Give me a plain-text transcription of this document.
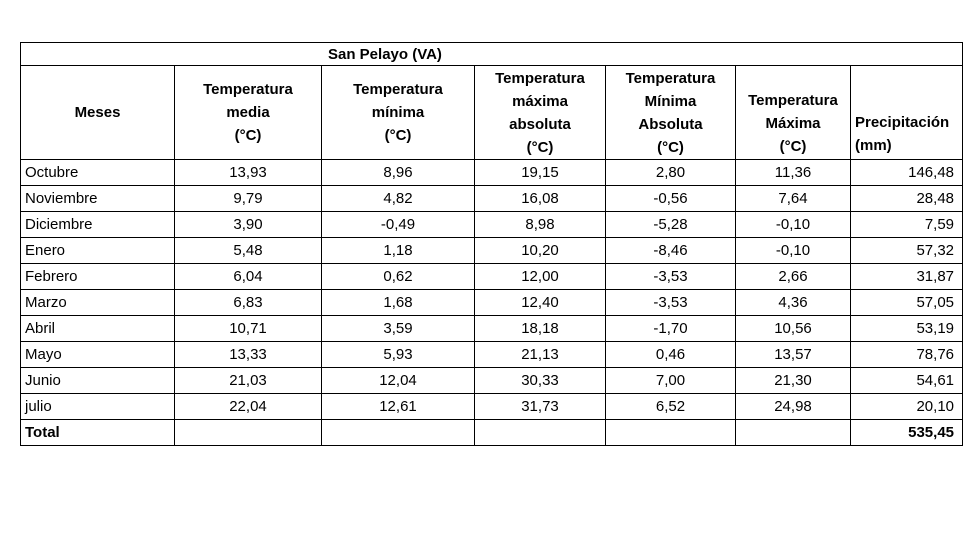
San Pelayo (VA)						

Meses	Temperatura
media
(°C)	Temperatura
mínima
(°C)	Temperatura
máxima
absoluta
(°C)	Temperatura
Mínima
Absoluta
(°C)	Temperatura
Máxima
(°C)	Precipitación
(mm)

Octubre	13,93	8,96	19,15	2,80	11,36	146,48
Noviembre	9,79	4,82	16,08	-0,56	7,64	28,48
Diciembre	3,90	-0,49	8,98	-5,28	-0,10	7,59
Enero	5,48	1,18	10,20	-8,46	-0,10	57,32
Febrero	6,04	0,62	12,00	-3,53	2,66	31,87
Marzo	6,83	1,68	12,40	-3,53	4,36	57,05
Abril	10,71	3,59	18,18	-1,70	10,56	53,19
Mayo	13,33	5,93	21,13	0,46	13,57	78,76
Junio	21,03	12,04	30,33	7,00	21,30	54,61
julio	22,04	12,61	31,73	6,52	24,98	20,10
Total						535,45
